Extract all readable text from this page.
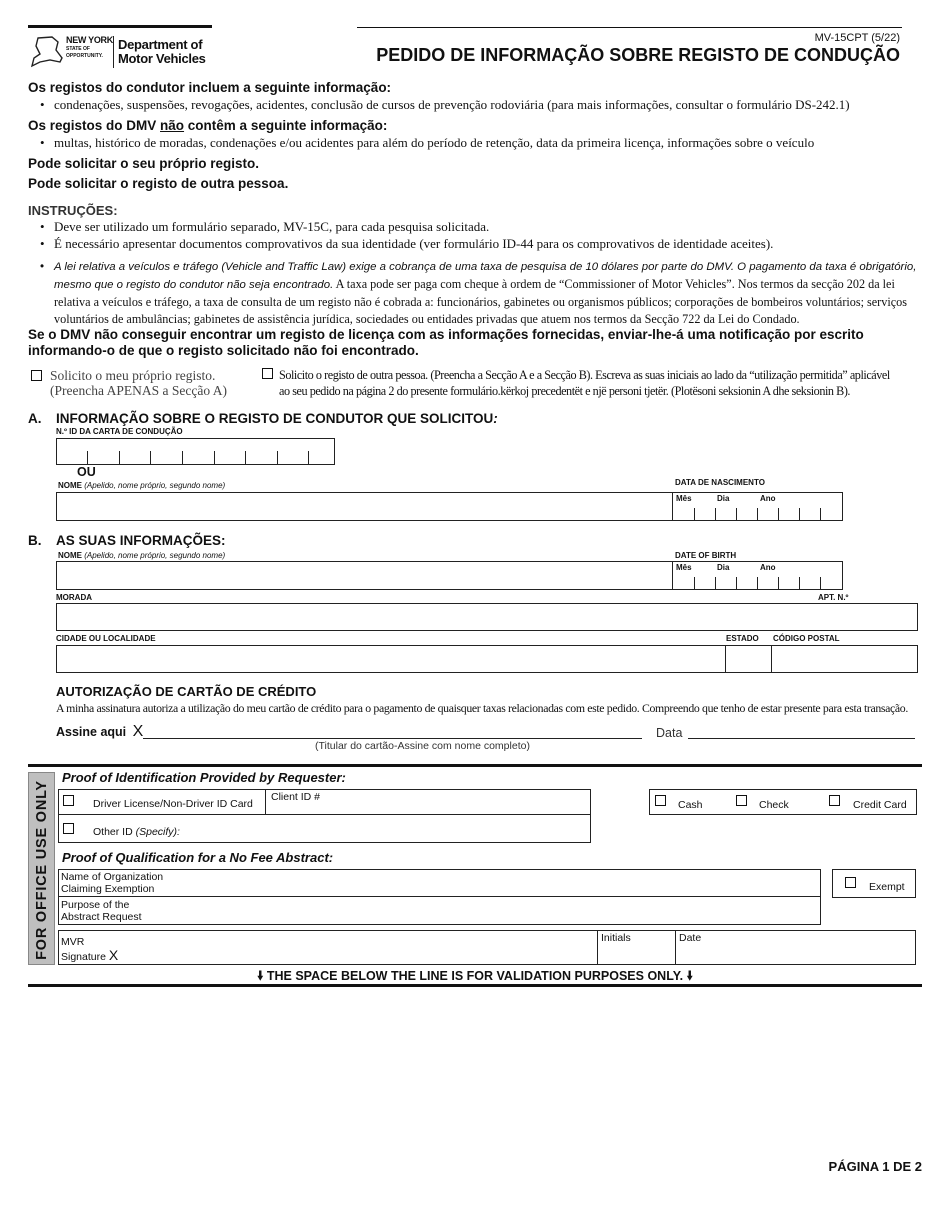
NEW YORK
STATE OF
OPPORTUNITY.
Department of
Motor Vehicles
MV-15CPT (5/22)
PEDIDO DE INFORMAÇÃO SOBRE REGISTO DE CONDUÇÃO
Os registos do condutor incluem a seguinte informação:
• condenações, suspensões, revogações, acidentes, conclusão de cursos de prevenção rodoviária (para mais informações, consultar o formulário DS-242.1)
Os registos do DMV não contêm a seguinte informação:
• multas, histórico de moradas, condenações e/ou acidentes para além do período de retenção, data da primeira licença, informações sobre o veículo
Pode solicitar o seu próprio registo.
Pode solicitar o registo de outra pessoa.
INSTRUÇÕES:
• Deve ser utilizado um formulário separado, MV-15C, para cada pesquisa solicitada.
• É necessário apresentar documentos comprovativos da sua identidade (ver formulário ID-44 para os comprovativos de identidade aceites).
• A lei relativa a veículos e tráfego (Vehicle and Traffic Law) exige a cobrança de uma taxa de pesquisa de 10 dólares por parte do DMV. O pagamento da taxa é obrigatório, mesmo que o registo do condutor não seja encontrado. A taxa pode ser paga com cheque à ordem de “Commissioner of Motor Vehicles”. Nos termos da secção 202 da lei relativa a veículos e tráfego, a taxa de consulta de um registo não é cobrada a: funcionários, gabinetes ou organismos públicos; corporações de bombeiros voluntários; serviços voluntários de ambulâncias; gabinetes de assistência jurídica, sociedades ou entidades privadas que atuem nos termos da Secção 722 da Lei do Condado.
Se o DMV não conseguir encontrar um registo de licença com as informações fornecidas, enviar-lhe-á uma notificação por escrito informando-o de que o registo solicitado não foi encontrado.
Solicito o meu próprio registo.
(Preencha APENAS a Secção A)
Solicito o registo de outra pessoa. (Preencha a Secção A e a Secção B). Escreva as suas iniciais ao lado da “utilização permitida” aplicável
ao seu pedido na página 2 do presente formulário.kërkoj precedentët e një personi tjetër. (Plotësoni seksionin A dhe seksionin B).
A. INFORMAÇÃO SOBRE O REGISTO DE CONDUTOR QUE SOLICITOU:
N.º ID DA CARTA DE CONDUÇÃO
OU
NOME (Apelido, nome próprio, segundo nome)	DATA DE NASCIMENTO
Mês	Dia	Ano
B. AS SUAS INFORMAÇÕES:
NOME (Apelido, nome próprio, segundo nome)	DATE OF BIRTH
Mês	Dia	Ano
MORADA	APT. N.º
CIDADE OU LOCALIDADE	ESTADO CÓDIGO POSTAL
AUTORIZAÇÃO DE CARTÃO DE CRÉDITO
A minha assinatura autoriza a utilização do meu cartão de crédito para o pagamento de quaisquer taxas relacionadas com este pedido. Compreendo que tenho de estar presente para esta transação.
Assine aqui X	Data
(Titular do cartão-Assine com nome completo)
FOR OFFICE USE ONLY
Proof of Identification Provided by Requester:
Driver License/Non-Driver ID Card
Client ID #
Other ID (Specify):
Cash	Check	Credit Card
Proof of Qualification for a No Fee Abstract:
Name of Organization
Claiming Exemption
Purpose of the
Abstract Request
Exempt
MVR
Signature X
Initials	Date
🠛 THE SPACE BELOW THE LINE IS FOR VALIDATION PURPOSES ONLY. 🠛
PÁGINA 1 DE 2
